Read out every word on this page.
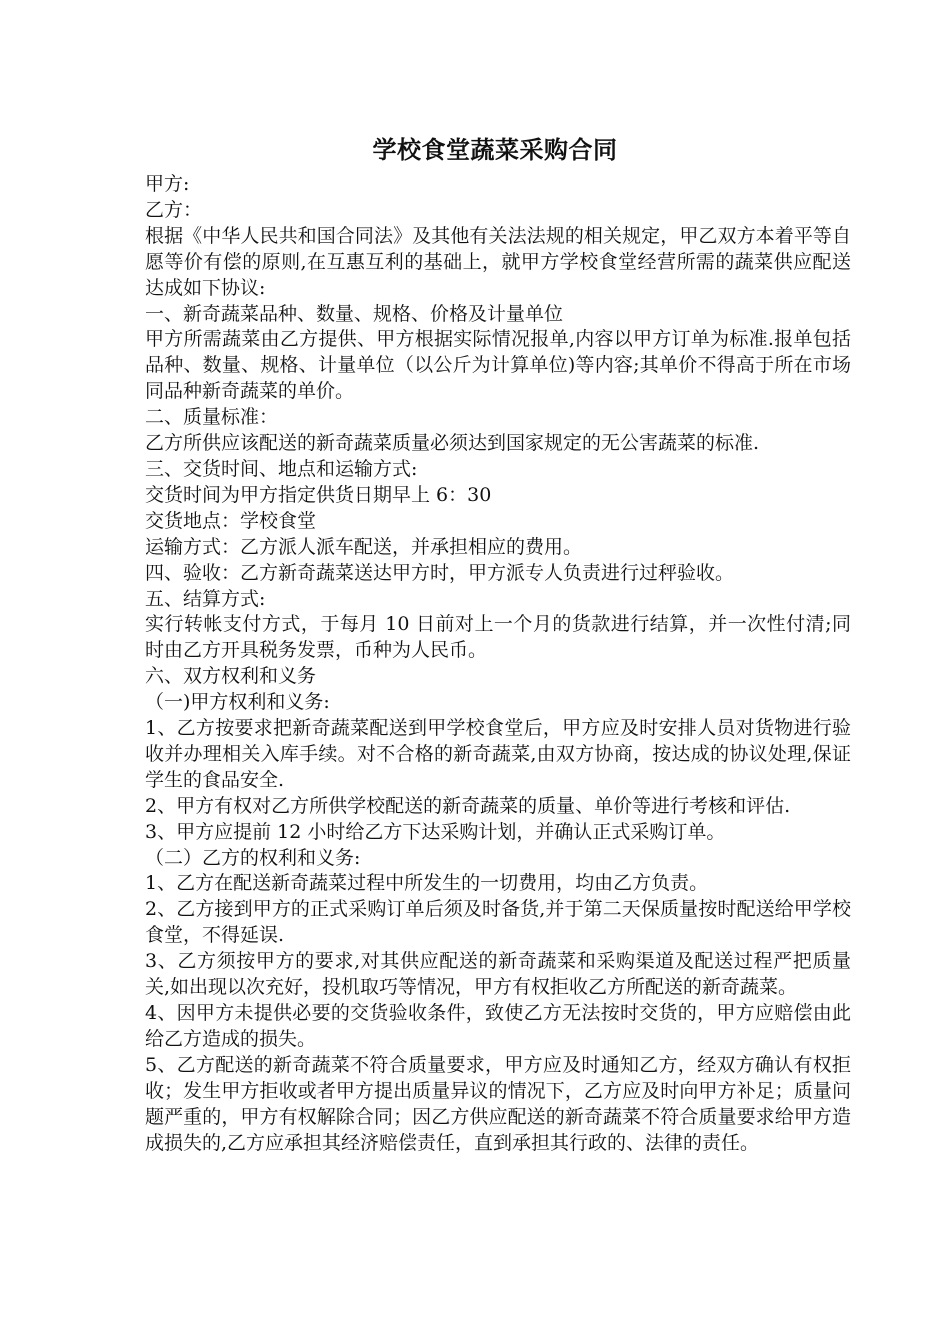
学校食堂蔬菜采购合同

甲方:

乙方：

根据《中华人民共和国合同法》及其他有关法法规的相关规定，甲乙双方本着平等自愿等价有偿的原则,在互惠互利的基础上，就甲方学校食堂经营所需的蔬菜供应配送达成如下协议:

一、新奇蔬菜品种、数量、规格、价格及计量单位

甲方所需蔬菜由乙方提供、甲方根据实际情况报单,内容以甲方订单为标准.报单包括品种、数量、规格、计量单位（以公斤为计算单位)等内容;其单价不得高于所在市场同品种新奇蔬菜的单价。

二、质量标准：

乙方所供应该配送的新奇蔬菜质量必须达到国家规定的无公害蔬菜的标准.

三、交货时间、地点和运输方式:

交货时间为甲方指定供货日期早上 6：30

交货地点：学校食堂

运输方式：乙方派人派车配送，并承担相应的费用。

四、验收：乙方新奇蔬菜送达甲方时，甲方派专人负责进行过秤验收。

五、结算方式:

实行转帐支付方式，于每月 10 日前对上一个月的货款进行结算，并一次性付清;同时由乙方开具税务发票，币种为人民币。

六、双方权利和义务

（一)甲方权利和义务:

1、乙方按要求把新奇蔬菜配送到甲学校食堂后，甲方应及时安排人员对货物进行验收并办理相关入库手续。对不合格的新奇蔬菜,由双方协商，按达成的协议处理,保证学生的食品安全.

2、甲方有权对乙方所供学校配送的新奇蔬菜的质量、单价等进行考核和评估.

3、甲方应提前 12 小时给乙方下达采购计划，并确认正式采购订单。

（二）乙方的权利和义务:

1、乙方在配送新奇蔬菜过程中所发生的一切费用，均由乙方负责。

2、乙方接到甲方的正式采购订单后须及时备货,并于第二天保质量按时配送给甲学校食堂，不得延误.

3、乙方须按甲方的要求,对其供应配送的新奇蔬菜和采购渠道及配送过程严把质量关,如出现以次充好，投机取巧等情况，甲方有权拒收乙方所配送的新奇蔬菜。

4、因甲方未提供必要的交货验收条件，致使乙方无法按时交货的，甲方应赔偿由此给乙方造成的损失。

5、乙方配送的新奇蔬菜不符合质量要求，甲方应及时通知乙方，经双方确认有权拒收；发生甲方拒收或者甲方提出质量异议的情况下，乙方应及时向甲方补足；质量问题严重的，甲方有权解除合同；因乙方供应配送的新奇蔬菜不符合质量要求给甲方造成损失的,乙方应承担其经济赔偿责任，直到承担其行政的、法律的责任。
